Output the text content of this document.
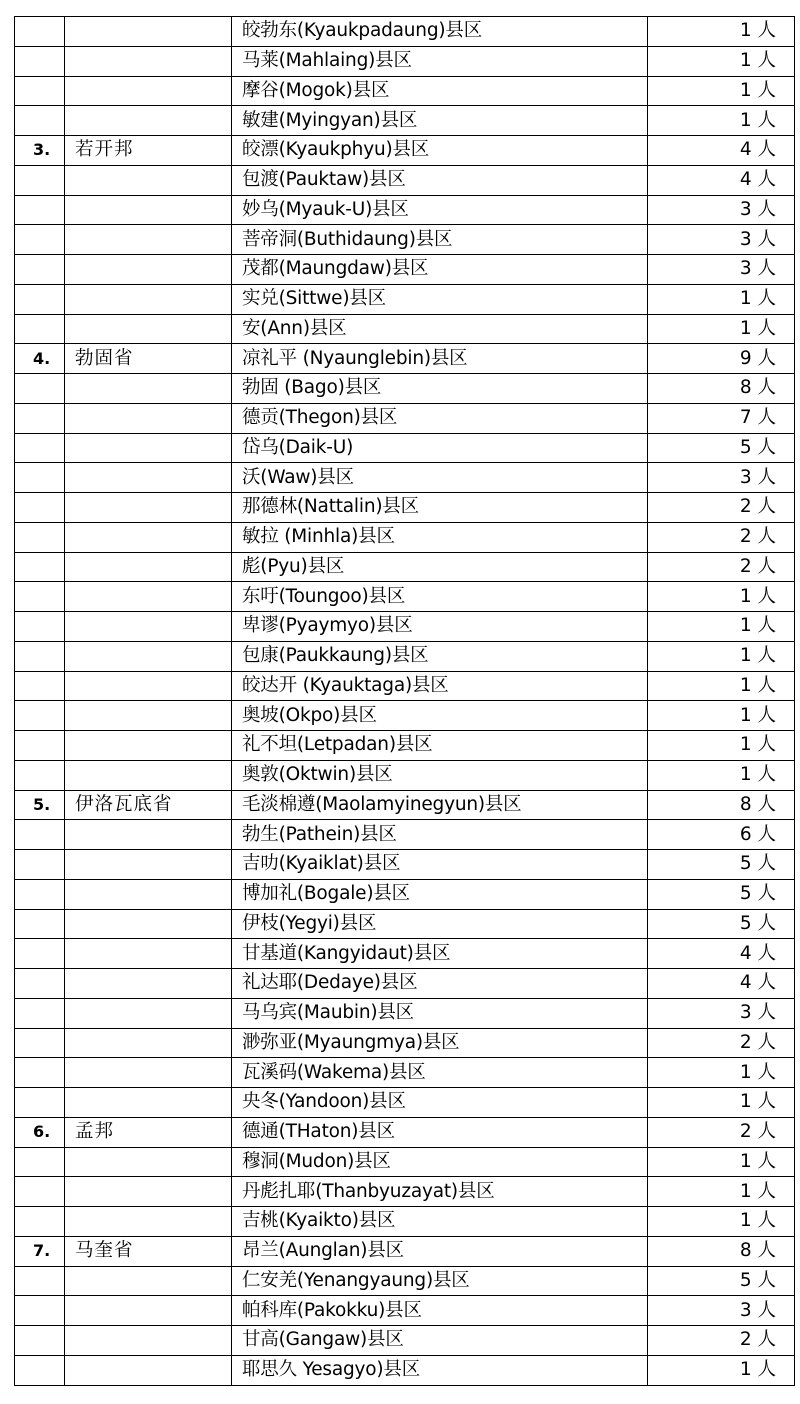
		皎勃东(Kyaukpadaung)县区	1 人
		马莱(Mahlaing)县区	1 人
		摩谷(Mogok)县区	1 人
		敏建(Myingyan)县区	1 人
3.	若开邦	皎漂(Kyaukphyu)县区	4 人
		包渡(Pauktaw)县区	4 人
		妙乌(Myauk-U)县区	3 人
		菩帝洞(Buthidaung)县区	3 人
		茂都(Maungdaw)县区	3 人
		实兑(Sittwe)县区	1 人
		安(Ann)县区	1 人
4.	勃固省	凉礼平 (Nyaunglebin)县区	9 人
		勃固 (Bago)县区	8 人
		德贡(Thegon)县区	7 人
		岱乌(Daik-U)	5 人
		沃(Waw)县区	3 人
		那德林(Nattalin)县区	2 人
		敏拉 (Minhla)县区	2 人
		彪(Pyu)县区	2 人
		东吁(Toungoo)县区	1 人
		卑谬(Pyaymyo)县区	1 人
		包康(Paukkaung)县区	1 人
		皎达开 (Kyauktaga)县区	1 人
		奥坡(Okpo)县区	1 人
		礼不坦(Letpadan)县区	1 人
		奥敦(Oktwin)县区	1 人
5.	伊洛瓦底省	毛淡棉遵(Maolamyinegyun)县区	8 人
		勃生(Pathein)县区	6 人
		吉叻(Kyaiklat)县区	5 人
		博加礼(Bogale)县区	5 人
		伊枝(Yegyi)县区	5 人
		甘基道(Kangyidaut)县区	4 人
		礼达耶(Dedaye)县区	4 人
		马乌宾(Maubin)县区	3 人
		渺弥亚(Myaungmya)县区	2 人
		瓦溪码(Wakema)县区	1 人
		央冬(Yandoon)县区	1 人
6.	孟邦	德通(THaton)县区	2 人
		穆洞(Mudon)县区	1 人
		丹彪扎耶(Thanbyuzayat)县区	1 人
		吉桃(Kyaikto)县区	1 人
7.	马奎省	昂兰(Aunglan)县区	8 人
		仁安羌(Yenangyaung)县区	5 人
		帕科库(Pakokku)县区	3 人
		甘高(Gangaw)县区	2 人
		耶思久 Yesagyo)县区	1 人
